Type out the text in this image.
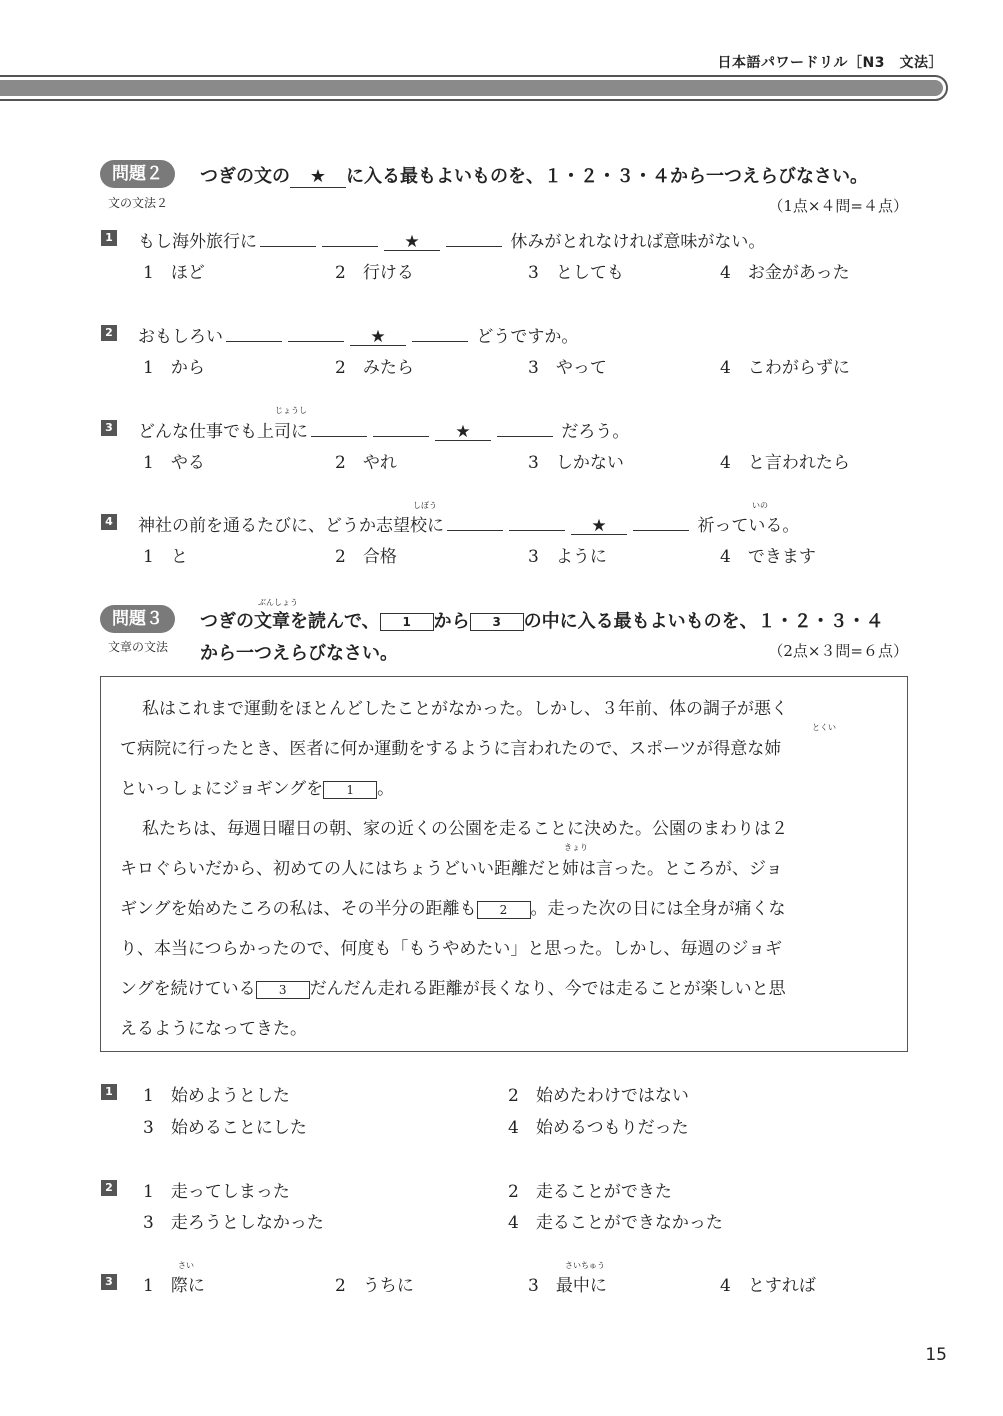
日本語パワードリル［N3　文法］
問題２	つぎの文の ★ に入る最もよいものを、１・２・３・４から一つえらびなさい。
文の文法２	（1点×４問=４点）
1 もし海外旅行に	★	休みがとれなければ意味がない。
1　ほど	2　行ける	3　としても	4　お金があった
2 おもしろい	★	どうですか。
1　から	2　みたら	3　やって	4　こわがらずに
じょうし
3 どんな仕事でも上司に	★	だろう。
1　やる	2　やれ	3　しかない	4　と言われたら
しぼう	いの
4 神社の前を通るたびに、どうか志望校に	★	祈っている。
1　と	2　合格	3　ように	4　できます
ぶんしょう
問題３	つぎの文章を読んで、 1 から 3 の中に入る最もよいものを、１・２・３・４
から一つえらびなさい。
文章の文法	（2点×３問=６点）
私はこれまで運動をほとんどしたことがなかった。しかし、３年前、体の調子が悪く
とくい
て病院に行ったとき、医者に何か運動をするように言われたので、スポーツが得意な姉
といっしょにジョギングを 1 。
私たちは、毎週日曜日の朝、家の近くの公園を走ることに決めた。公園のまわりは２
きょり
キロぐらいだから、初めての人にはちょうどいい距離だと姉は言った。ところが、ジョ
ギングを始めたころの私は、その半分の距離も 2 。走った次の日には全身が痛くな
り、本当につらかったので、何度も「もうやめたい」と思った。しかし、毎週のジョギ
ングを続けている 3 だんだん走れる距離が長くなり、今では走ることが楽しいと思
えるようになってきた。
1 1　始めようとした	2　始めたわけではない
3　始めることにした	4　始めるつもりだった
2 1　走ってしまった	2　走ることができた
3　走ろうとしなかった	4　走ることができなかった
さい	さいちゅう
3 1　際に	2　うちに	3　最中に	4　とすれば
15
